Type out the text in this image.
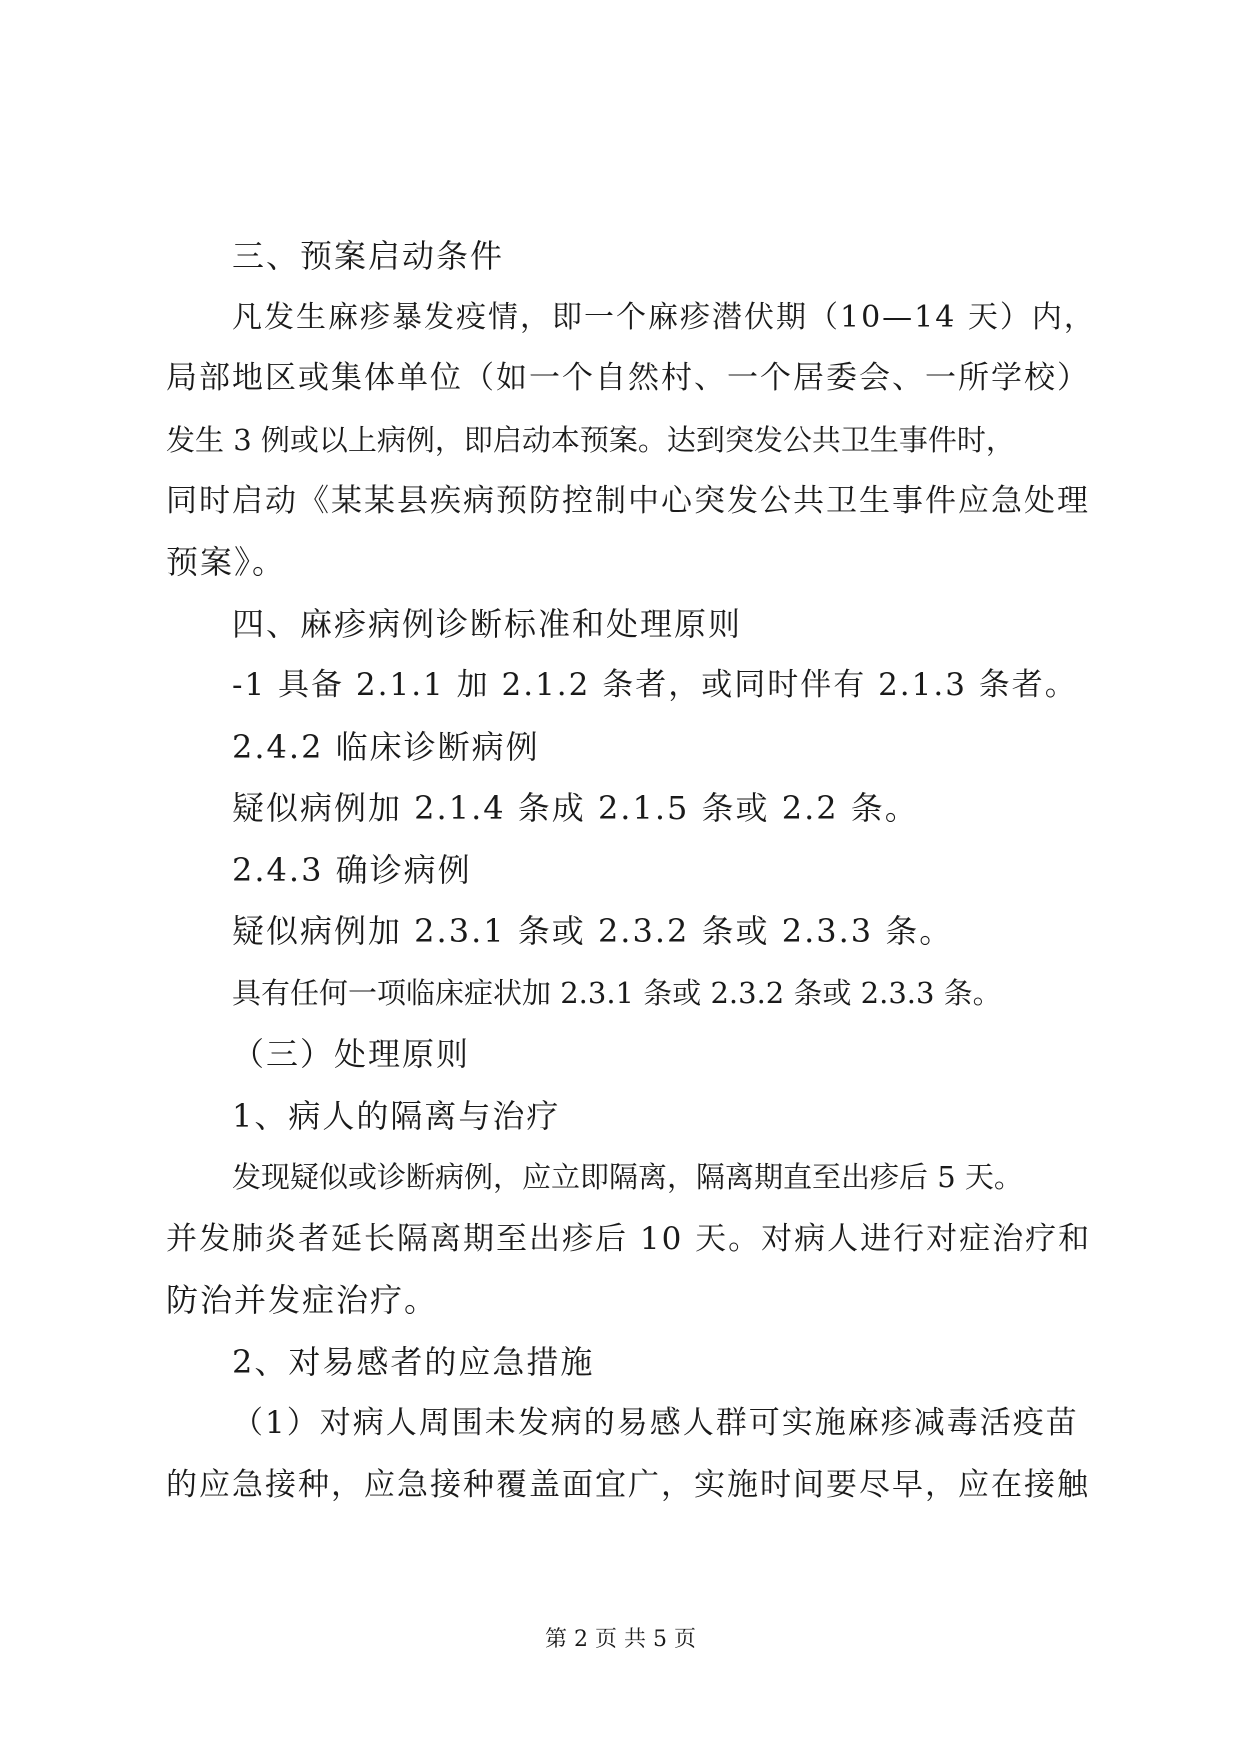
三、预案启动条件
凡发生麻疹暴发疫情，即一个麻疹潜伏期（10—14 天）内，
局部地区或集体单位（如一个自然村、一个居委会、一所学校）
发生 3 例或以上病例，即启动本预案。达到突发公共卫生事件时，
同时启动《某某县疾病预防控制中心突发公共卫生事件应急处理
预案》。
四、麻疹病例诊断标准和处理原则
-1 具备 2.1.1 加 2.1.2 条者，或同时伴有 2.1.3 条者。
2.4.2 临床诊断病例
疑似病例加 2.1.4 条成 2.1.5 条或 2.2 条。
2.4.3 确诊病例
疑似病例加 2.3.1 条或 2.3.2 条或 2.3.3 条。
具有任何一项临床症状加 2.3.1 条或 2.3.2 条或 2.3.3 条。
（三）处理原则
1、病人的隔离与治疗
发现疑似或诊断病例，应立即隔离，隔离期直至出疹后 5 天。
并发肺炎者延长隔离期至出疹后 10 天。对病人进行对症治疗和
防治并发症治疗。
2、对易感者的应急措施
（1）对病人周围未发病的易感人群可实施麻疹减毒活疫苗
的应急接种，应急接种覆盖面宜广，实施时间要尽早，应在接触
第 2 页 共 5 页
